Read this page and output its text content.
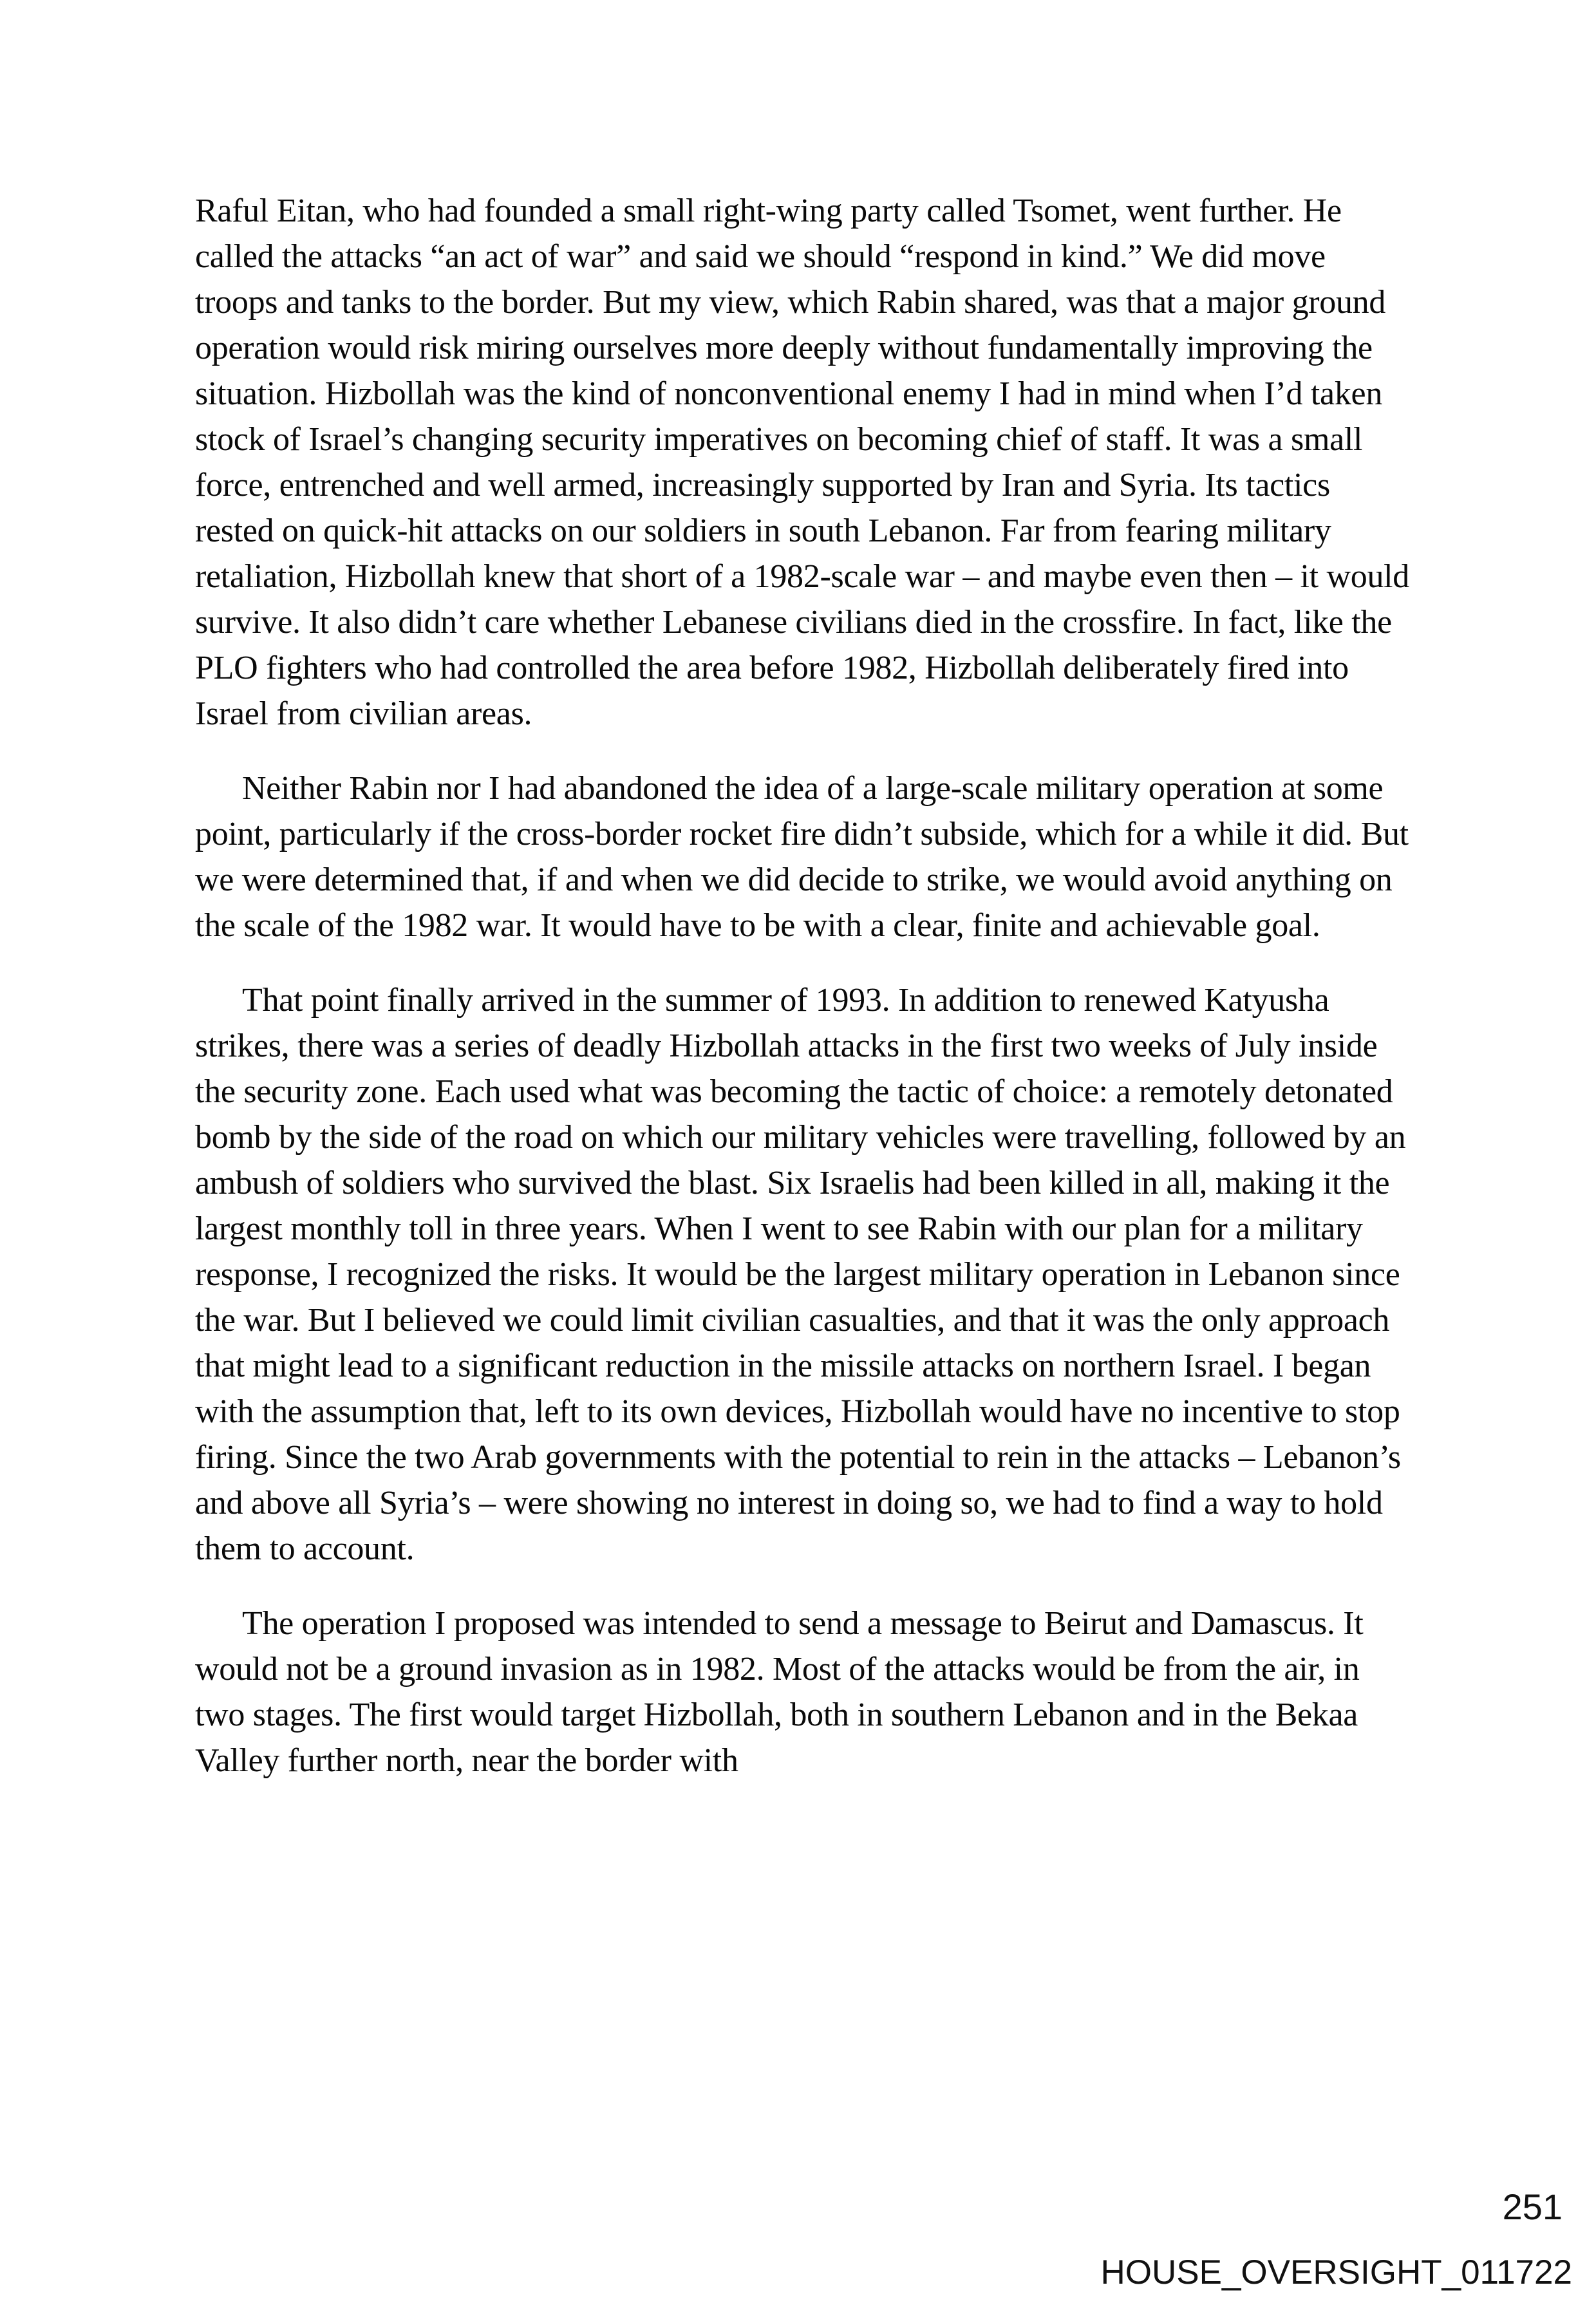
Raful Eitan, who had founded a small right-wing party called Tsomet, went further. He called the attacks “an act of war” and said we should “respond in kind.” We did move troops and tanks to the border. But my view, which Rabin shared, was that a major ground operation would risk miring ourselves more deeply without fundamentally improving the situation. Hizbollah was the kind of nonconventional enemy I had in mind when I’d taken stock of Israel’s changing security imperatives on becoming chief of staff. It was a small force, entrenched and well armed, increasingly supported by Iran and Syria. Its tactics rested on quick-hit attacks on our soldiers in south Lebanon. Far from fearing military retaliation, Hizbollah knew that short of a 1982-scale war – and maybe even then – it would survive. It also didn’t care whether Lebanese civilians died in the crossfire. In fact, like the PLO fighters who had controlled the area before 1982, Hizbollah deliberately fired into Israel from civilian areas.

Neither Rabin nor I had abandoned the idea of a large-scale military operation at some point, particularly if the cross-border rocket fire didn’t subside, which for a while it did. But we were determined that, if and when we did decide to strike, we would avoid anything on the scale of the 1982 war. It would have to be with a clear, finite and achievable goal.

That point finally arrived in the summer of 1993. In addition to renewed Katyusha strikes, there was a series of deadly Hizbollah attacks in the first two weeks of July inside the security zone. Each used what was becoming the tactic of choice: a remotely detonated bomb by the side of the road on which our military vehicles were travelling, followed by an ambush of soldiers who survived the blast. Six Israelis had been killed in all, making it the largest monthly toll in three years. When I went to see Rabin with our plan for a military response, I recognized the risks. It would be the largest military operation in Lebanon since the war. But I believed we could limit civilian casualties, and that it was the only approach that might lead to a significant reduction in the missile attacks on northern Israel. I began with the assumption that, left to its own devices, Hizbollah would have no incentive to stop firing. Since the two Arab governments with the potential to rein in the attacks – Lebanon’s and above all Syria’s – were showing no interest in doing so, we had to find a way to hold them to account.

The operation I proposed was intended to send a message to Beirut and Damascus. It would not be a ground invasion as in 1982. Most of the attacks would be from the air, in two stages. The first would target Hizbollah, both in southern Lebanon and in the Bekaa Valley further north, near the border with

251
HOUSE_OVERSIGHT_011722
